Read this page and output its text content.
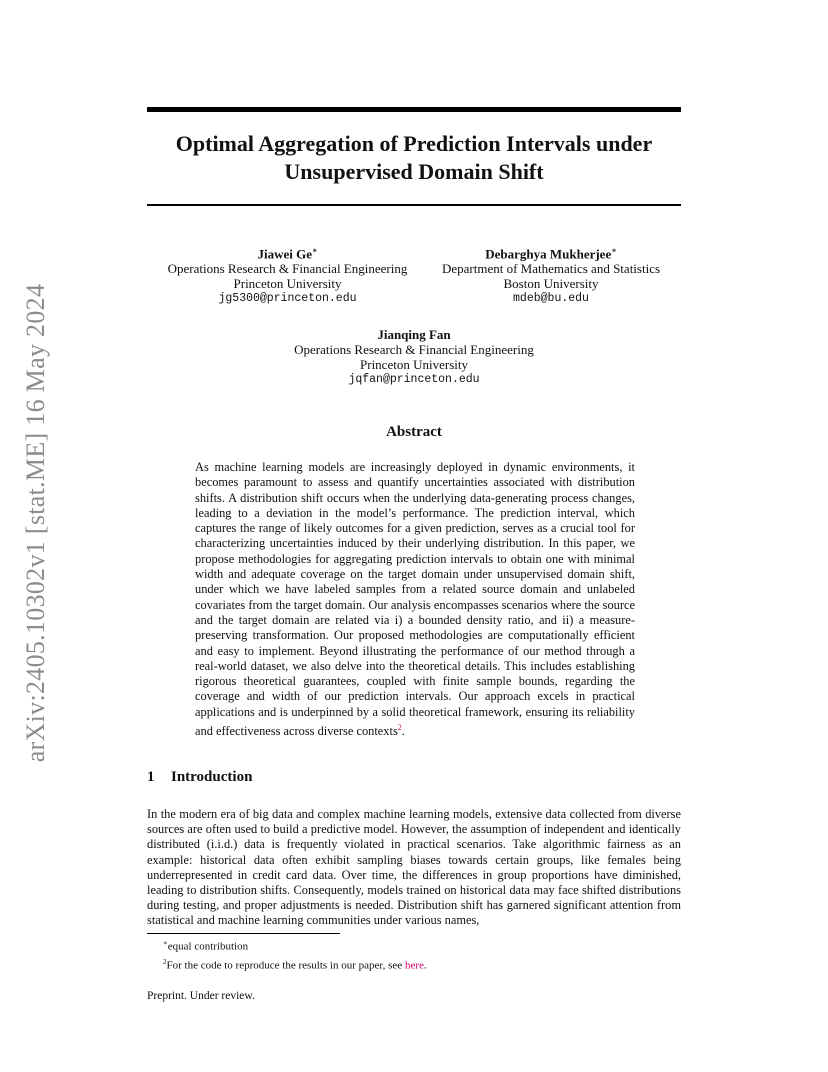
arXiv:2405.10302v1 [stat.ME] 16 May 2024
Optimal Aggregation of Prediction Intervals under
Unsupervised Domain Shift
Jiawei Ge∗
Operations Research & Financial Engineering
Princeton University
jg5300@princeton.edu
Debarghya Mukherjee∗
Department of Mathematics and Statistics
Boston University
mdeb@bu.edu
Jianqing Fan
Operations Research & Financial Engineering
Princeton University
jqfan@princeton.edu
Abstract

As machine learning models are increasingly deployed in dynamic environments, it becomes paramount to assess and quantify uncertainties associated with distribution shifts. A distribution shift occurs when the underlying data-generating process changes, leading to a deviation in the model’s performance. The prediction interval, which captures the range of likely outcomes for a given prediction, serves as a crucial tool for characterizing uncertainties induced by their underlying distribution. In this paper, we propose methodologies for aggregating prediction intervals to obtain one with minimal width and adequate coverage on the target domain under unsupervised domain shift, under which we have labeled samples from a related source domain and unlabeled covariates from the target domain. Our analysis encompasses scenarios where the source and the target domain are related via i) a bounded density ratio, and ii) a measure-preserving transformation. Our proposed methodologies are computationally efficient and easy to implement. Beyond illustrating the performance of our method through a real-world dataset, we also delve into the theoretical details. This includes establishing rigorous theoretical guarantees, coupled with finite sample bounds, regarding the coverage and width of our prediction intervals. Our approach excels in practical applications and is underpinned by a solid theoretical framework, ensuring its reliability and effectiveness across diverse contexts$^2$.

1 Introduction

In the modern era of big data and complex machine learning models, extensive data collected from diverse sources are often used to build a predictive model. However, the assumption of independent and identically distributed (i.i.d.) data is frequently violated in practical scenarios. Take algorithmic fairness as an example: historical data often exhibit sampling biases towards certain groups, like females being underrepresented in credit card data. Over time, the differences in group proportions have diminished, leading to distribution shifts. Consequently, models trained on historical data may face shifted distributions during testing, and proper adjustments is needed. Distribution shift has garnered significant attention from statistical and machine learning communities under various names,

∗equal contribution
$^2$For the code to reproduce the results in our paper, see here.
Preprint. Under review.
